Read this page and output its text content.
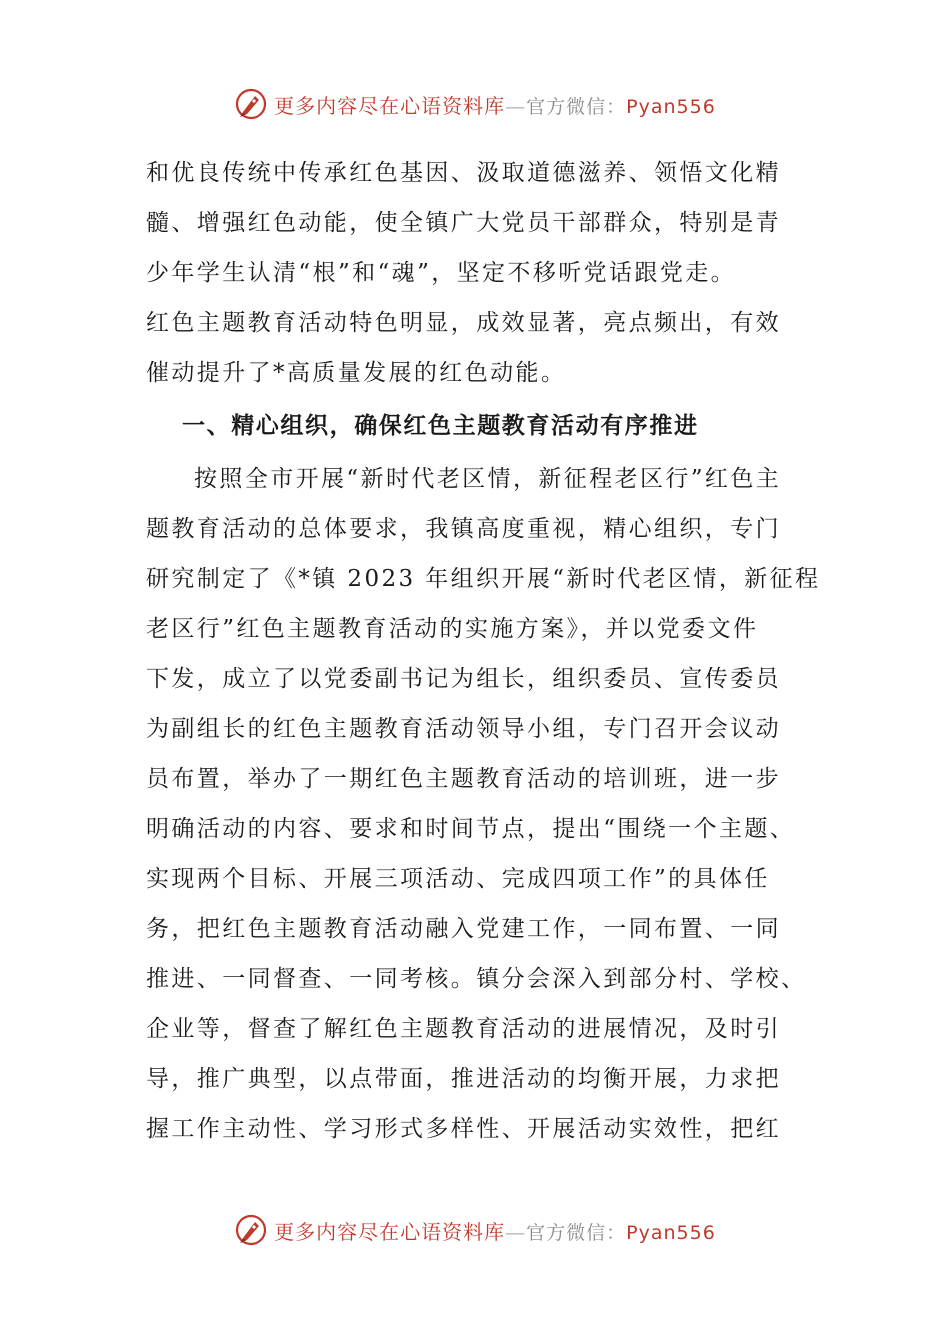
更多内容尽在心语资料库—官方微信：Pyan556
和优良传统中传承红色基因、汲取道德滋养、领悟文化精
髓、增强红色动能，使全镇广大党员干部群众，特别是青
少年学生认清“根”和“魂”，坚定不移听党话跟党走。
红色主题教育活动特色明显，成效显著，亮点频出，有效
催动提升了*高质量发展的红色动能。
一、精心组织，确保红色主题教育活动有序推进
按照全市开展“新时代老区情，新征程老区行”红色主
题教育活动的总体要求，我镇高度重视，精心组织，专门
研究制定了《*镇 2023 年组织开展“新时代老区情，新征程
老区行”红色主题教育活动的实施方案》，并以党委文件
下发，成立了以党委副书记为组长，组织委员、宣传委员
为副组长的红色主题教育活动领导小组，专门召开会议动
员布置，举办了一期红色主题教育活动的培训班，进一步
明确活动的内容、要求和时间节点，提出“围绕一个主题、
实现两个目标、开展三项活动、完成四项工作”的具体任
务，把红色主题教育活动融入党建工作，一同布置、一同
推进、一同督查、一同考核。镇分会深入到部分村、学校、
企业等，督查了解红色主题教育活动的进展情况，及时引
导，推广典型，以点带面，推进活动的均衡开展，力求把
握工作主动性、学习形式多样性、开展活动实效性，把红
更多内容尽在心语资料库—官方微信：Pyan556
